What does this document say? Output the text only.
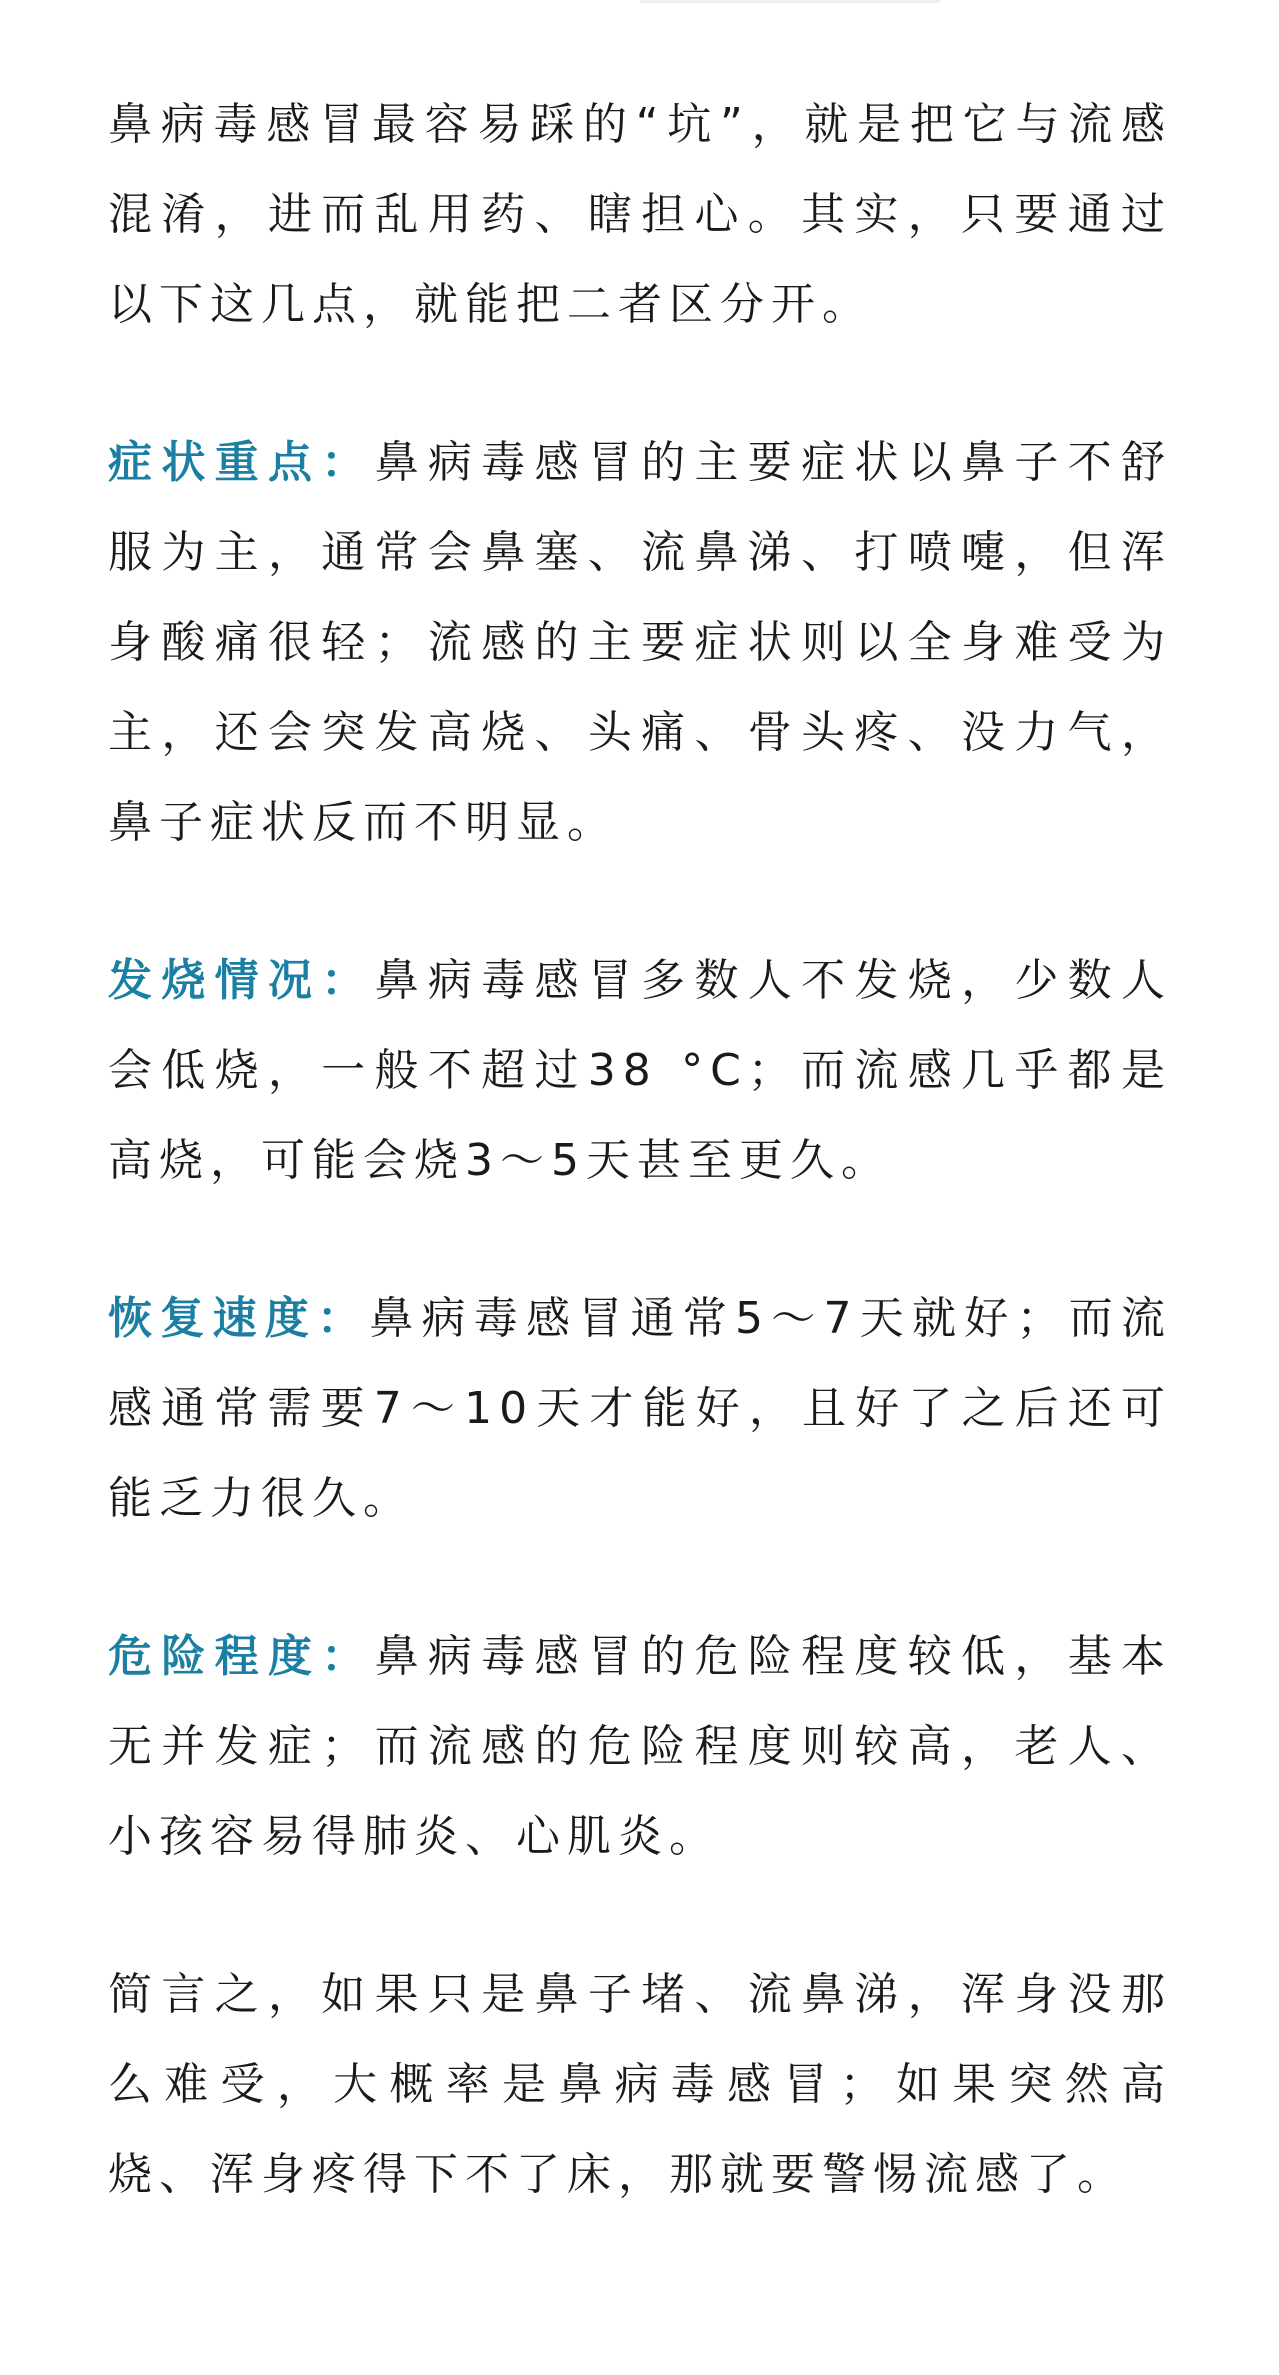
鼻病毒感冒最容易踩的“坑”，就是把它与流感混淆，进而乱用药、瞎担心。其实，只要通过以下这几点，就能把二者区分开。

症状重点：鼻病毒感冒的主要症状以鼻子不舒服为主，通常会鼻塞、流鼻涕、打喷嚏，但浑身酸痛很轻；流感的主要症状则以全身难受为主，还会突发高烧、头痛、骨头疼、没力气，鼻子症状反而不明显。

发烧情况：鼻病毒感冒多数人不发烧，少数人会低烧，一般不超过38 °C；而流感几乎都是高烧，可能会烧3～5天甚至更久。

恢复速度：鼻病毒感冒通常5～7天就好；而流感通常需要7～10天才能好，且好了之后还可能乏力很久。

危险程度：鼻病毒感冒的危险程度较低，基本无并发症；而流感的危险程度则较高，老人、小孩容易得肺炎、心肌炎。

简言之，如果只是鼻子堵、流鼻涕，浑身没那么难受，大概率是鼻病毒感冒；如果突然高烧、浑身疼得下不了床，那就要警惕流感了。
